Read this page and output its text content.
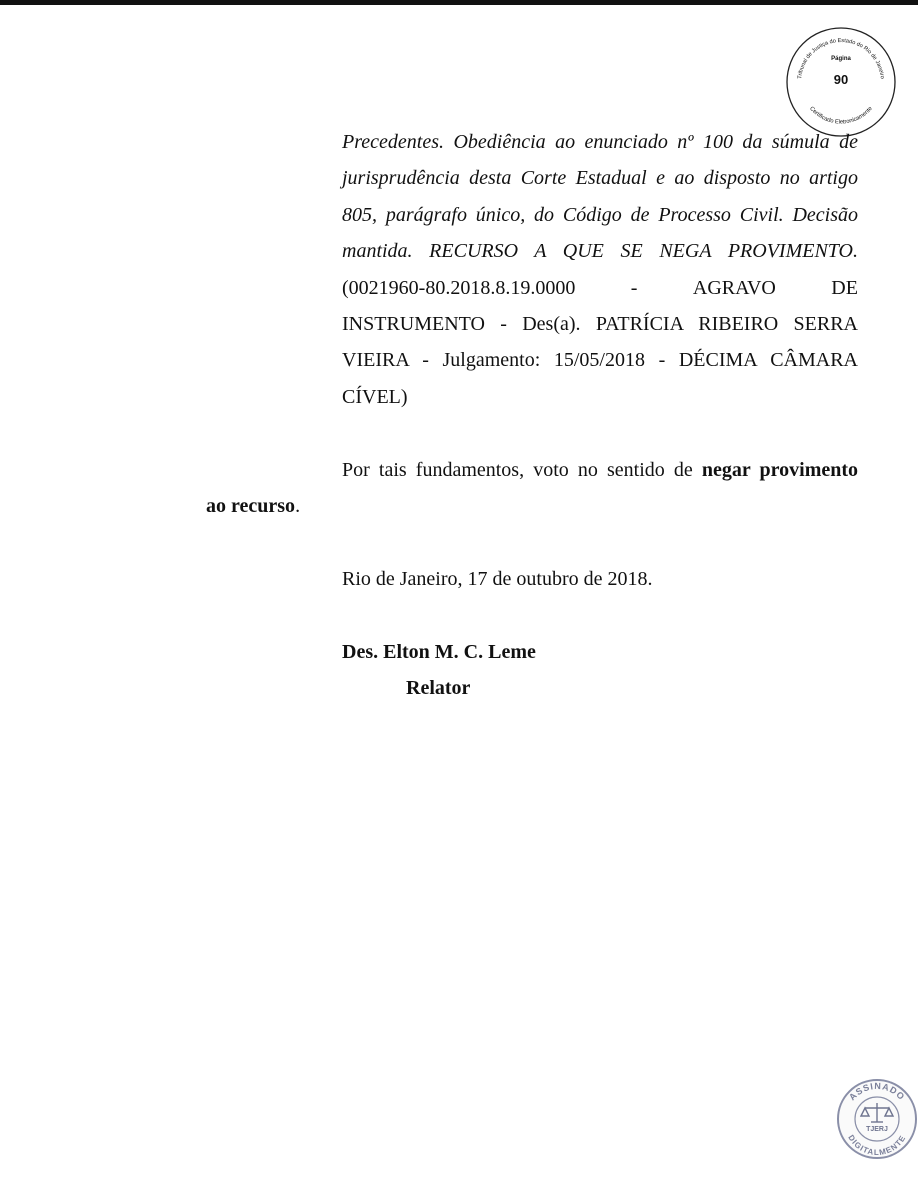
Tribunal de Justiça do Estado do Rio de Janeiro
Certificado Eletronicamente
Página
90
Precedentes. Obediência ao enunciado nº 100 da súmula de
jurisprudência desta Corte Estadual e ao disposto no artigo
805, parágrafo único, do Código de Processo Civil. Decisão
mantida. RECURSO A QUE SE NEGA PROVIMENTO.
(0021960-80.2018.8.19.0000	-	AGRAVO	DE
INSTRUMENTO - Des(a). PATRÍCIA RIBEIRO SERRA
VIEIRA - Julgamento: 15/05/2018 - DÉCIMA CÂMARA
CÍVEL)
Por tais fundamentos, voto no sentido de negar provimento
ao recurso.
Rio de Janeiro, 17 de outubro de 2018.
Des. Elton M. C. Leme
Relator
ASSINADO
DIGITALMENTE
TJERJ
